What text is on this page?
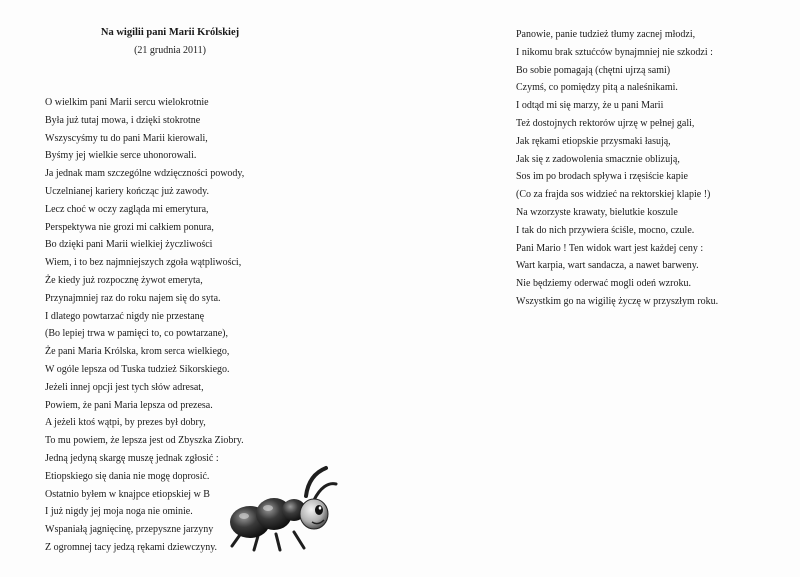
Na wigilii pani Marii Królskiej
(21 grudnia 2011)
O wielkim pani Marii sercu wielokrotnie
Była już tutaj mowa, i dzięki stokrotne
Wszyscyśmy tu do pani Marii kierowali,
Byśmy jej wielkie serce uhonorowali.
Ja jednak mam szczególne wdzięczności powody,
Uczelnianej kariery kończąc już zawody.
Lecz choć w oczy zagląda mi emerytura,
Perspektywa nie grozi mi całkiem ponura,
Bo dzięki pani Marii wielkiej życzliwości
Wiem, i to bez najmniejszych zgoła wątpliwości,
Że kiedy już rozpocznę żywot emeryta,
Przynajmniej raz do roku najem się do syta.
I dlatego powtarzać nigdy nie przestanę
(Bo lepiej trwa w pamięci to, co powtarzane),
Że pani Maria Królska, krom serca wielkiego,
W ogóle lepsza od Tuska tudzież Sikorskiego.
Jeżeli innej opcji jest tych słów adresat,
Powiem, że pani Maria lepsza od prezesa.
A jeżeli ktoś wątpi, by prezes był dobry,
To mu powiem, że lepsza jest od Zbyszka Ziobry.
Jedną jedyną skargę muszę jednak zgłosić :
Etiopskiego się dania nie mogę doprosić.
Ostatnio byłem w knajpce etiopskiej w B
I już nigdy jej moja noga nie ominie.
Wspaniałą jagnięcinę, przepyszne jarzyny
Z ogromnej tacy jedzą rękami dziewczyny.
Panowie, panie tudzież tłumy zacnej młodzi,
I nikomu brak sztućców bynajmniej nie szkodzi :
Bo sobie pomagają (chętni ujrzą sami)
Czymś, co pomiędzy pitą a naleśnikami.
I odtąd mi się marzy, że u pani Marii
Też dostojnych rektorów ujrzę w pełnej gali,
Jak rękami etiopskie przysmaki łasują,
Jak się z zadowolenia smacznie oblizują,
Sos im po brodach spływa i rzęsiście kapie
(Co za frajda sos widzieć na rektorskiej klapie !)
Na wzorzyste krawaty, bielutkie koszule
I tak do nich przywiera ściśle, mocno, czule.
Pani Mario ! Ten widok wart jest każdej ceny :
Wart karpia, wart sandacza, a nawet barweny.
Nie będziemy oderwać mogli odeń wzroku.
Wszystkim go na wigilię życzę w przyszłym roku.
